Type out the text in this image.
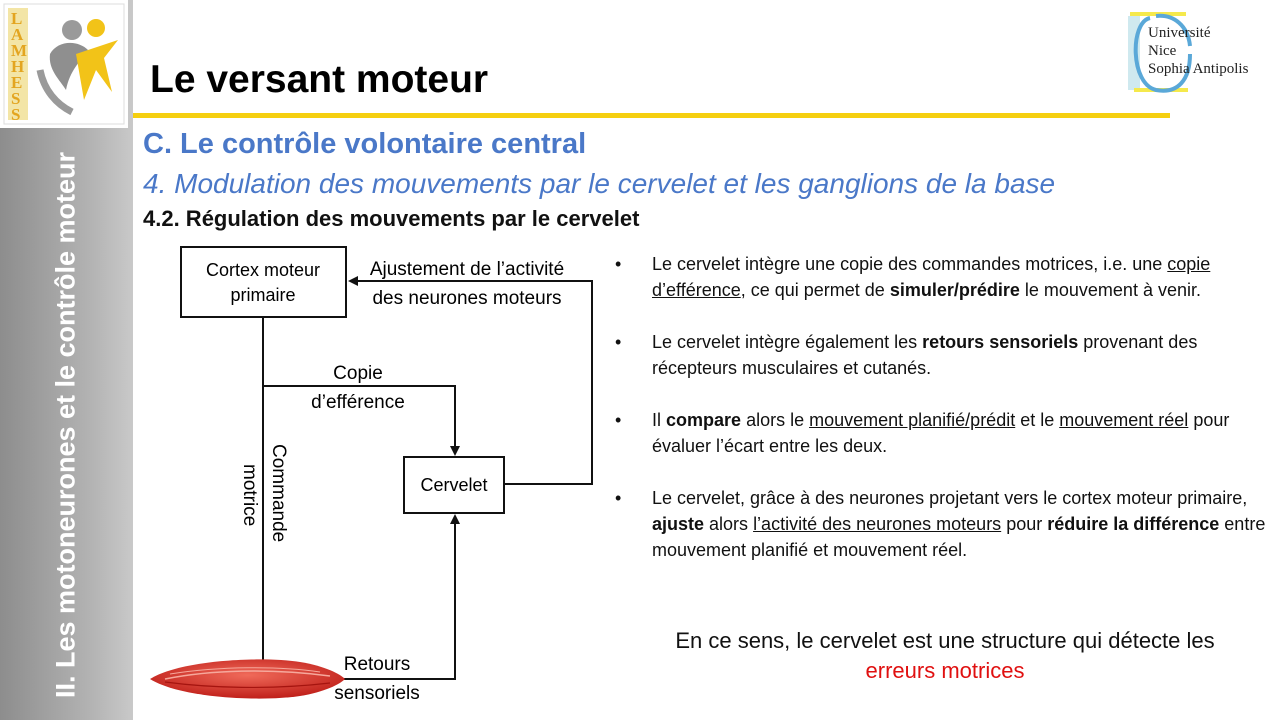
II. Les motoneurones et le contrôle moteur
L
A
M
H
E
S
S
Université
Nice
Sophia Antipolis
Le versant moteur
C. Le contrôle volontaire central
4. Modulation des mouvements par le cervelet et les ganglions de la base
4.2. Régulation des mouvements par le cervelet
Cortex moteur
primaire
Cervelet
Ajustement de l’activité
des neurones moteurs
Copie
d’efférence
Commande
motrice
Retours
sensoriels
• Le cervelet intègre une copie des commandes motrices, i.e. une copie d’efférence, ce qui permet de simuler/prédire le mouvement à venir.
• Le cervelet intègre également les retours sensoriels provenant des récepteurs musculaires et cutanés.
• Il compare alors le mouvement planifié/prédit et le mouvement réel pour évaluer l’écart entre les deux.
• Le cervelet, grâce à des neurones projetant vers le cortex moteur primaire, ajuste alors l’activité des neurones moteurs pour réduire la différence entre mouvement planifié et mouvement réel.
En ce sens, le cervelet est une structure qui détecte les
erreurs motrices
